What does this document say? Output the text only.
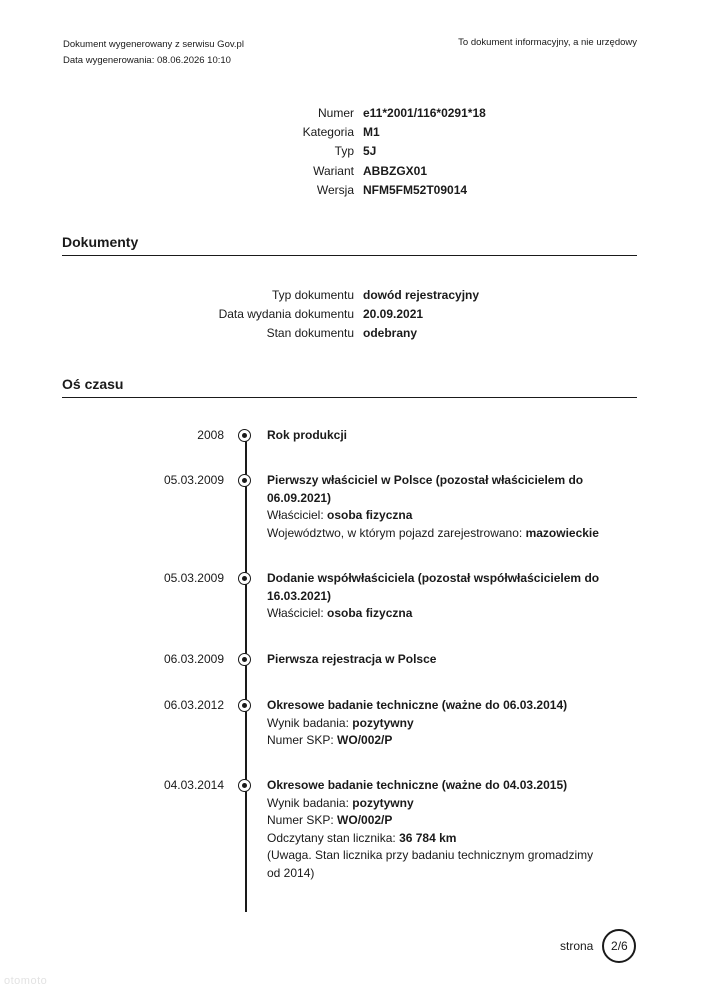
Dokument wygenerowany z serwisu Gov.pl
Data wygenerowania: 08.06.2026 10:10
To dokument informacyjny, a nie urzędowy
Numer e11*2001/116*0291*18
Kategoria M1
Typ 5J
Wariant ABBZGX01
Wersja NFM5FM52T09014
Dokumenty
Typ dokumentu dowód rejestracyjny
Data wydania dokumentu 20.09.2021
Stan dokumentu odebrany
Oś czasu
2008	Rok produkcji
05.03.2009	Pierwszy właściciel w Polsce (pozostał właścicielem do 06.09.2021)
Właściciel: osoba fizyczna
Województwo, w którym pojazd zarejestrowano: mazowieckie
05.03.2009	Dodanie współwłaściciela (pozostał współwłaścicielem do 16.03.2021)
Właściciel: osoba fizyczna
06.03.2009	Pierwsza rejestracja w Polsce
06.03.2012	Okresowe badanie techniczne (ważne do 06.03.2014)
Wynik badania: pozytywny
Numer SKP: WO/002/P
04.03.2014	Okresowe badanie techniczne (ważne do 04.03.2015)
Wynik badania: pozytywny
Numer SKP: WO/002/P
Odczytany stan licznika: 36 784 km
(Uwaga. Stan licznika przy badaniu technicznym gromadzimy od 2014)
strona	2/6
otomoto
